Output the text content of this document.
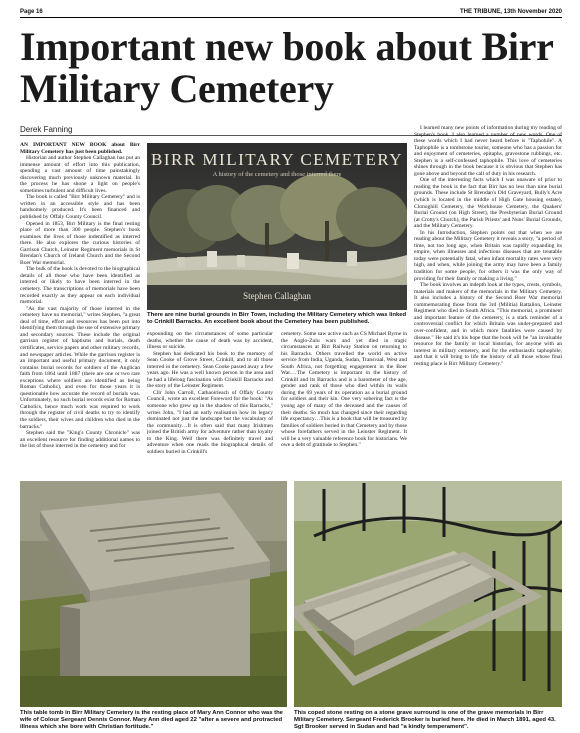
Page 16	THE TRIBUNE, 13th November 2020
Important new book about Birr Military Cemetery
Derek Fanning

AN IMPORTANT NEW BOOK about Birr Military Cemetery has just been published.

Historian and author Stephen Callaghan has put an immense amount of effort into this publication, spending a vast amount of time painstakingly discovering much previously unknown material. In the process he has shone a light on people's sometimes turbulent and difficult lives.

The book is called "Birr Military Cemetery" and is written in an accessible style and has been handsomely produced. It's been financed and published by Offaly County Council.

Opened in 1853, Birr Military is the final resting place of more than 300 people. Stephen's book examines the lives of those indentified as interred there. He also explores the curious histories of Garrison Church, Leinster Regiment memorials in St Brendan's Church of Ireland Church and the Second Boer War memorial.

The bulk of the book is devoted to the biographical details of all those who have been identified as interred or likely to have been interred in the cemetery. The transcriptions of memorials have been recorded exactly as they appear on each individual memorial.

"As the vast majority of those interred in the cemetery have no memorial," writes Stephen, "a great deal of time, effort and resources has been put into identifying them through the use of extensive primary and secondary sources. These include the original garrison register of baptisms and burials, death certificates, service papers and other military records, and newspaper articles. While the garrison register is an important and useful primary document, it only contains burial records for soldiers of the Anglican faith from 1864 until 1887 (there are one or two rare exceptions where soldiers are identified as being Roman Catholic), and even for those years it is questionable how accurate the record of burials was. Unfortunately, no such burial records exist for Roman Catholics, hence much work was required to work through the register of civil deaths to try to identify the soldiers, their wives and children who died in the barracks."

Stephen said the "King's County Chronicle" was an excellent resource for finding additional names to the list of those interred in the cemetery and for

BIRR MILITARY CEMETERY
A history of the cemetery and those interred there
Stephen Callaghan
There are nine burial grounds in Birr Town, including the Military Cemetery which was linked to Crinkill Barracks. An excellent book about the Cemetery has been published.

expounding on the circumstances of some particular deaths, whether the cause of death was by accident, illness or suicide.

Stephen has dedicated his book to the memory of Sean Cooke of Grove Street, Crinkill, and to all those interred in the cemetery. Sean Cooke passed away a few years ago. He was a well known person in the area and he had a lifelong fascination with Crinkill Barracks and the story of the Leinster Regiment.

Cllr John Carroll, Cathaoirleach of Offaly County Council, wrote an excellent Foreword for the book: "As someone who grew up in the shadow of this Barracks," writes John, "I had an early realisation how its legacy dominated not just the landscape but the vocabulary of the community…It is often said that many Irishmen joined the British army for adventure rather than loyalty to the King. Well there was definitely travel and adventure when one reads the biographical details of soldiers buried in Crinkill's

cemetery. Some saw active such as CS Michael Byrne in the Anglo-Zulu wars and yet died in tragic circumstances at Birr Railway Station on returning to his Barracks. Others travelled the world on active service from India, Uganda, Sudan, Transvaal, West and South Africa, not forgetting engagement in the Boer War.…The Cemetery is important in the history of Crinkill and its Barracks and is a barometer of the age, gender and rank of those who died within its walls during the 69 years of its operation as a burial ground for soldiers and their kin. One very sobering fact is the young age of many of the deceased and the causes of their deaths. So much has changed since their regarding life expectancy…This is a book that will be treasured by families of soldiers buried in that Cemetery and by those whose forefathers served in the Leinster Regiment. It will be a very valuable reference book for historians. We owe a debt of gratitude to Stephen."

I learned many new points of information during my reading of Stephen's book. I also learned a number of new words. One of these words which I had never heard before is "Taphohile". A Taphophile is a tombstone tourist, someone who has a passion for and enjoyment of cemeteries, epitaphs, gravestone rubbings, etc. Stephen is a self-confessed taphophile. This love of cemeteries shines through in the book because it is obvious that Stephen has gone above and beyond the call of duty in his research.

One of the interesting facts which I was unaware of prior to reading the book is the fact that Birr has no less than nine burial grounds. These include St Brendan's Old Graveyard, Bully's Acre (which is located in the middle of High Gate housing estate), Clonoghill Cemetery, the Workhouse Cemetery, the Quakers' Burial Ground (on High Street), the Presbyterian Burial Ground (at Crotty's Church), the Parish Priests' and Nuns' Burial Grounds, and the Military Cemetery.

In his Introduction, Stephen points out that when we are reading about the Military Cemetery it reveals a story, "a period of time, not too long ago, when Britain was rapidly expanding its empire, when illnesses and infectious diseases that are treatable today were potentially fatal, when infant mortality rates were very high, and when, while joining the army may have been a family tradition for some people, for others it was the only way of providing for their family or making a living."

The book involves an indepth look at the types, crests, symbols, materials and makers of the memorials in the Military Cemetery. It also includes a history of the Second Boer War memorial commemorating those from the 3rd (Militia) Battalion, Leinster Regiment who died in South Africa. "This memorial, a prominent and important feature of the cemetery, is a stark reminder of a controversial conflict for which Britain was under-prepared and over-confident, and in which more fatalities were caused by disease." He said it's his hope that the book will be "an invaluable resource for the family or local historian, for anyone with an interest in military cemetery, and for the enthusiastic taphophile, and that it will bring to life the history of all those whose final resting place is Birr Military Cemetery."

This table tomb in Birr Military Cemetery is the resting place of Mary Ann Connor who was the wife of Colour Sergeant Dennis Connor. Mary Ann died aged 22 "after a severe and protracted illness which she bore with Christian fortitude."
This coped stone resting on a stone grave surround is one of the grave memorials in Birr Military Cemetery. Sergeant Frederick Brooker is buried here. He died in March 1891, aged 43. Sgt Brooker served in Sudan and had "a kindly temperament".
